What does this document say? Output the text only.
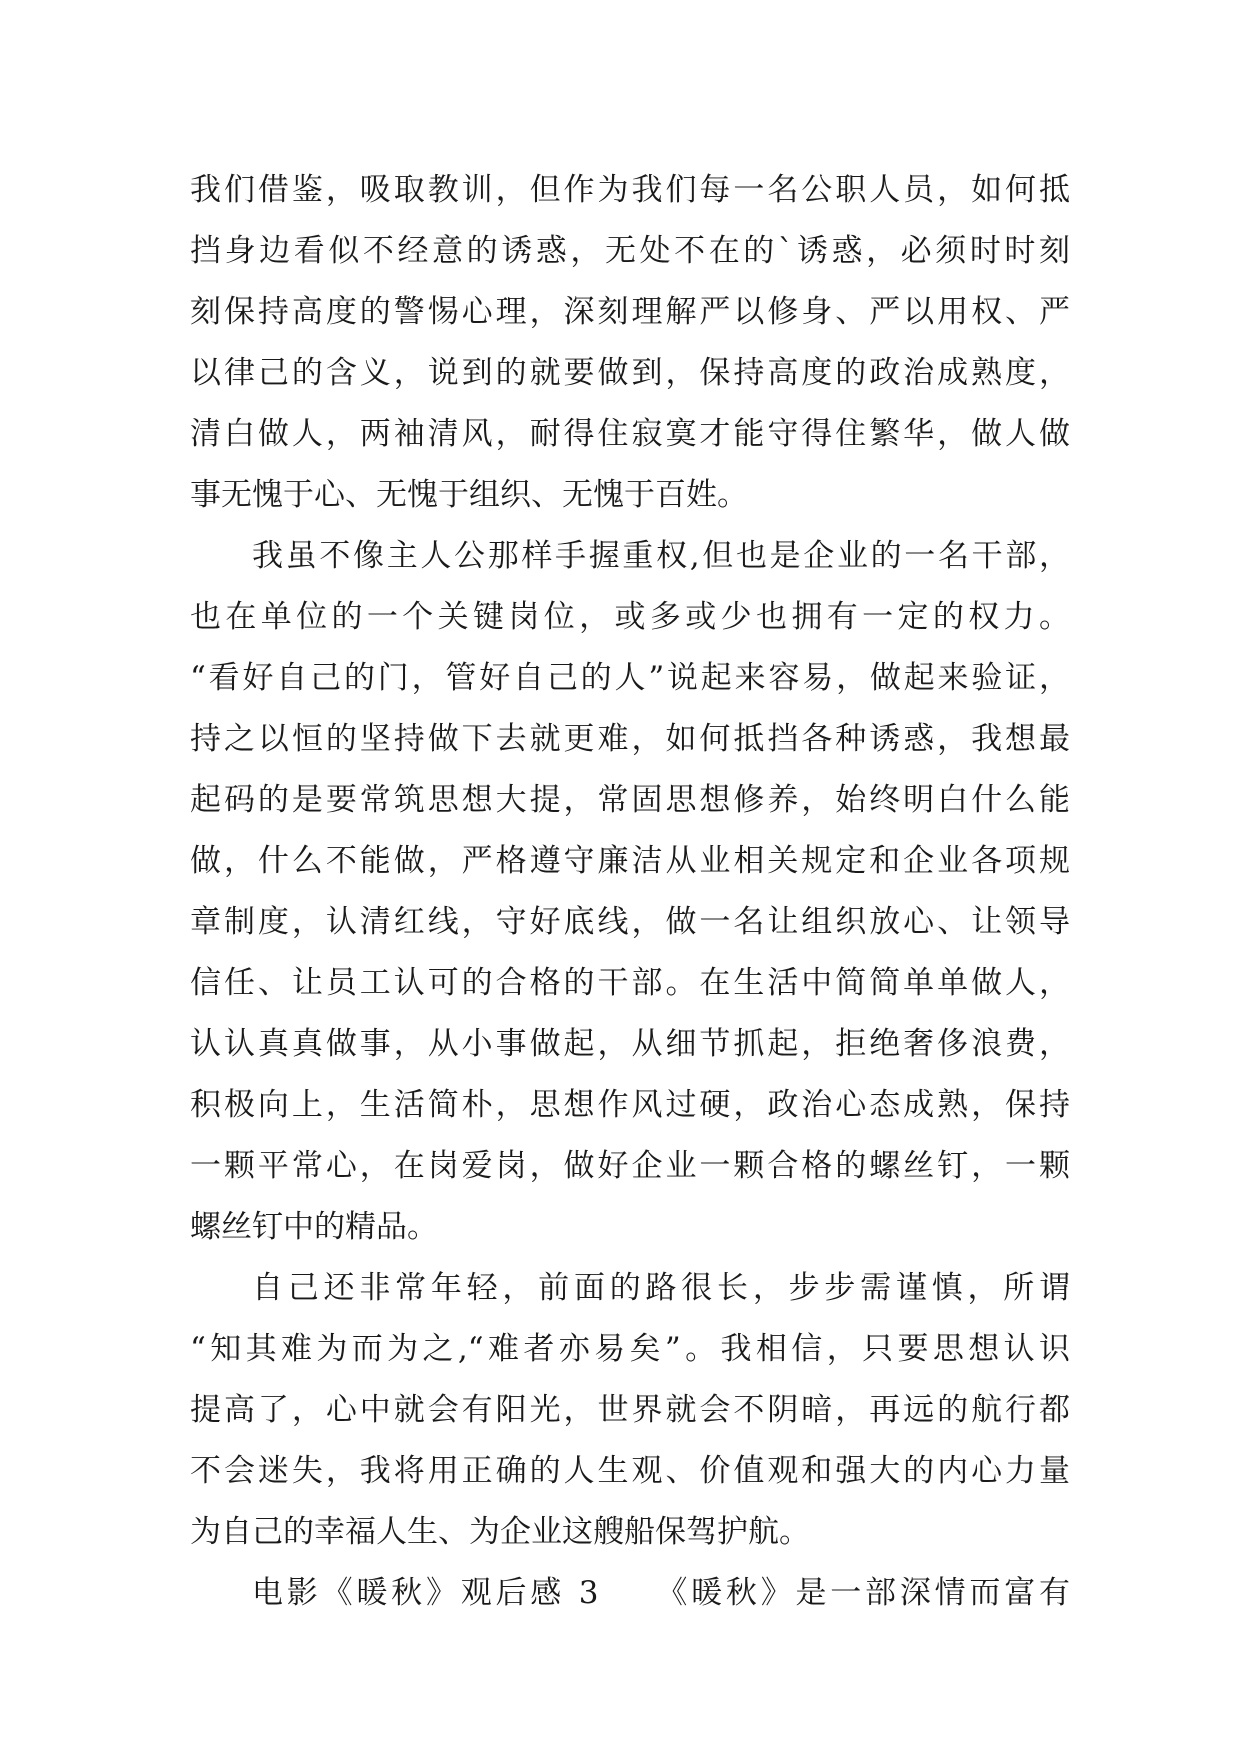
我们借鉴，吸取教训，但作为我们每一名公职人员，如何抵
挡身边看似不经意的诱惑，无处不在的`诱惑，必须时时刻
刻保持高度的警惕心理，深刻理解严以修身、严以用权、严
以律己的含义，说到的就要做到，保持高度的政治成熟度，
清白做人，两袖清风，耐得住寂寞才能守得住繁华，做人做
事无愧于心、无愧于组织、无愧于百姓。
我虽不像主人公那样手握重权,但也是企业的一名干部，
也在单位的一个关键岗位，或多或少也拥有一定的权力。
“看好自己的门，管好自己的人”说起来容易，做起来验证，
持之以恒的坚持做下去就更难，如何抵挡各种诱惑，我想最
起码的是要常筑思想大提，常固思想修养，始终明白什么能
做，什么不能做，严格遵守廉洁从业相关规定和企业各项规
章制度，认清红线，守好底线，做一名让组织放心、让领导
信任、让员工认可的合格的干部。在生活中简简单单做人，
认认真真做事，从小事做起，从细节抓起，拒绝奢侈浪费，
积极向上，生活简朴，思想作风过硬，政治心态成熟，保持
一颗平常心，在岗爱岗，做好企业一颗合格的螺丝钉，一颗
螺丝钉中的精品。
自己还非常年轻，前面的路很长，步步需谨慎，所谓
“知其难为而为之,“难者亦易矣”。我相信，只要思想认识
提高了，心中就会有阳光，世界就会不阴暗，再远的航行都
不会迷失，我将用正确的人生观、价值观和强大的内心力量
为自己的幸福人生、为企业这艘船保驾护航。
电影《暖秋》观后感 3　　《暖秋》是一部深情而富有
